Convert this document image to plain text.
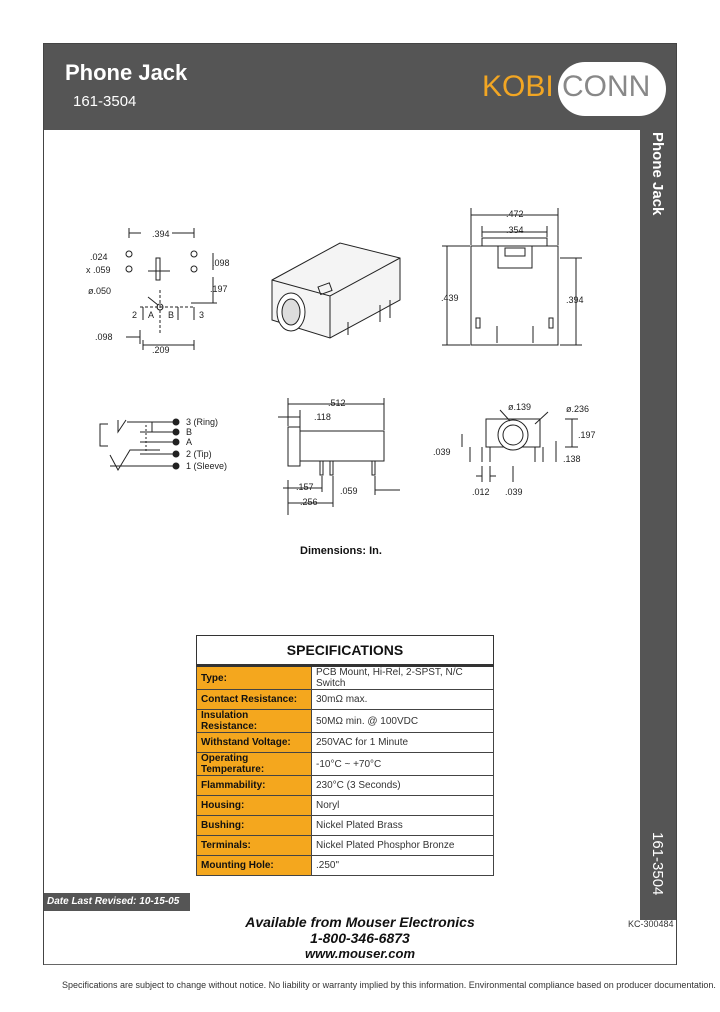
Phone Jack
161-3504	KOBI CONN
Phone Jack
161-3504
.394
.024
x .059
.098
.197
ø.050
2 A B	3
.098
.209
.472
.354
.439	.394
3 (Ring)
B
A
2 (Tip)
1 (Sleeve)
.512
.118
.157	.059
.256
ø.139	ø.236
.197
.039
.138
.012 .039
Dimensions: In.
SPECIFICATIONS	
Type:	PCB Mount, Hi-Rel, 2-SPST, N/C Switch
Contact Resistance:	30mΩ max.
Insulation Resistance:	50MΩ min. @ 100VDC
Withstand Voltage:	250VAC for 1 Minute
Operating Temperature:	-10°C ~ +70°C
Flammability:	230°C (3 Seconds)
Housing:	Noryl
Bushing:	Nickel Plated Brass
Terminals:	Nickel Plated Phosphor Bronze
Mounting Hole:	.250"
Date Last Revised: 10-15-05
KC-300484
Available from Mouser Electronics
1-800-346-6873
www.mouser.com
Specifications are subject to change without notice. No liability or warranty implied by this information. Environmental compliance based on producer documentation.
